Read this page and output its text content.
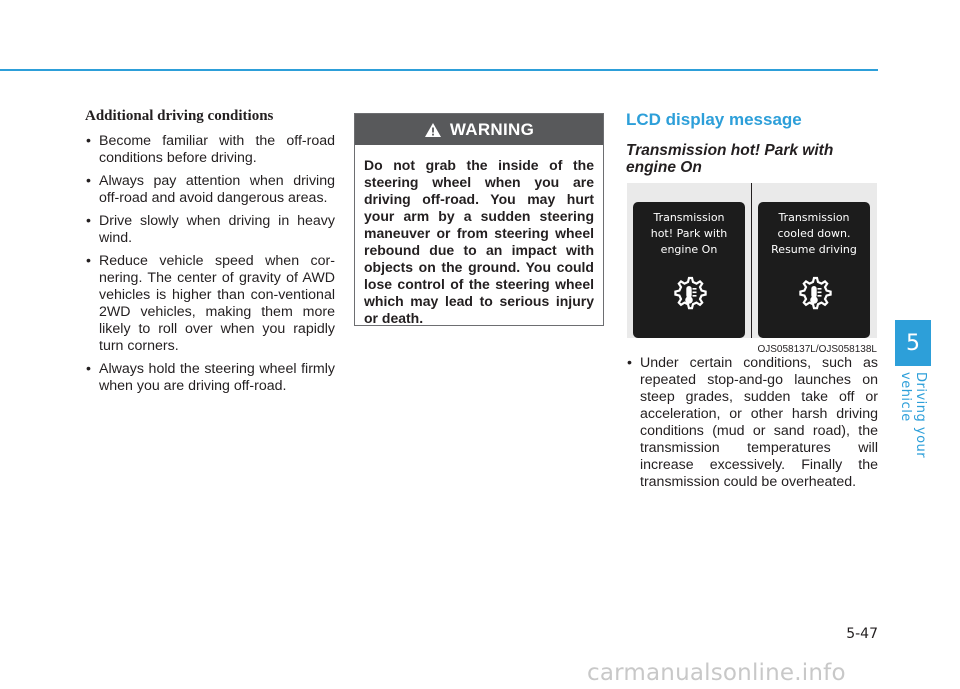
Additional driving conditions
• Become familiar with the off-road conditions before driving.
• Always pay attention when driving off-road and avoid dangerous areas.
• Drive slowly when driving in heavy wind.
• Reduce vehicle speed when cor-nering. The center of gravity of AWD vehicles is higher than con-ventional 2WD vehicles, making them more likely to roll over when you rapidly turn corners.
• Always hold the steering wheel firmly when you are driving off-road.
WARNING
Do not grab the inside of the steering wheel when you are driving off-road. You may hurt your arm by a sudden steering maneuver or from steering wheel rebound due to an impact with objects on the ground. You could lose control of the steering wheel which may lead to serious injury or death.
LCD display message
Transmission hot! Park with engine On
Transmission
hot! Park with
engine On
Transmission
cooled down.
Resume driving
OJS058137L/OJS058138L
• Under certain conditions, such as repeated stop-and-go launches on steep grades, sudden take off or acceleration, or other harsh driving conditions (mud or sand road), the transmission temperatures will increase excessively. Finally the transmission could be overheated.
5
Driving your vehicle
5-47
carmanualsonline.info
